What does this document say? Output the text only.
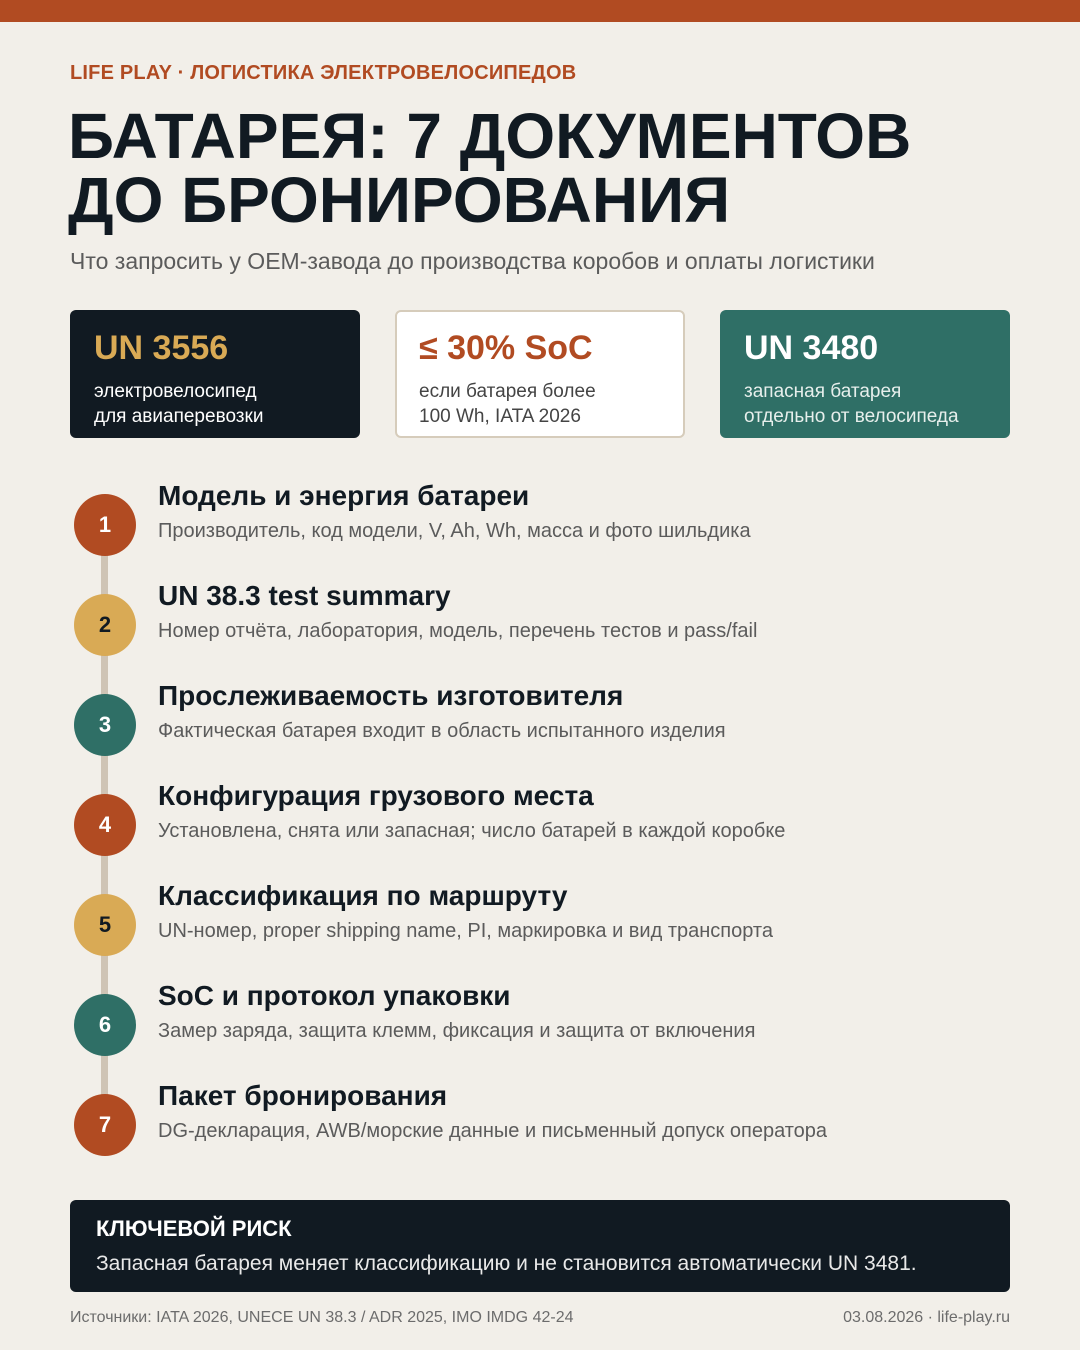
LIFE PLAY · ЛОГИСТИКА ЭЛЕКТРОВЕЛОСИПЕДОВ
БАТАРЕЯ: 7 ДОКУМЕНТОВ
ДО БРОНИРОВАНИЯ
Что запросить у OEM-завода до производства коробов и оплаты логистики
UN 3556
электровелосипед
для авиаперевозки
≤ 30% SoC
если батарея более
100 Wh, IATA 2026
UN 3480
запасная батарея
отдельно от велосипеда
1
Модель и энергия батареи
Производитель, код модели, V, Ah, Wh, масса и фото шильдика
2
UN 38.3 test summary
Номер отчёта, лаборатория, модель, перечень тестов и pass/fail
3
Прослеживаемость изготовителя
Фактическая батарея входит в область испытанного изделия
4
Конфигурация грузового места
Установлена, снята или запасная; число батарей в каждой коробке
5
Классификация по маршруту
UN-номер, proper shipping name, PI, маркировка и вид транспорта
6
SoC и протокол упаковки
Замер заряда, защита клемм, фиксация и защита от включения
7
Пакет бронирования
DG-декларация, AWB/морские данные и письменный допуск оператора
КЛЮЧЕВОЙ РИСК
Запасная батарея меняет классификацию и не становится автоматически UN 3481.
Источники: IATA 2026, UNECE UN 38.3 / ADR 2025, IMO IMDG 42-24	03.08.2026 · life-play.ru
